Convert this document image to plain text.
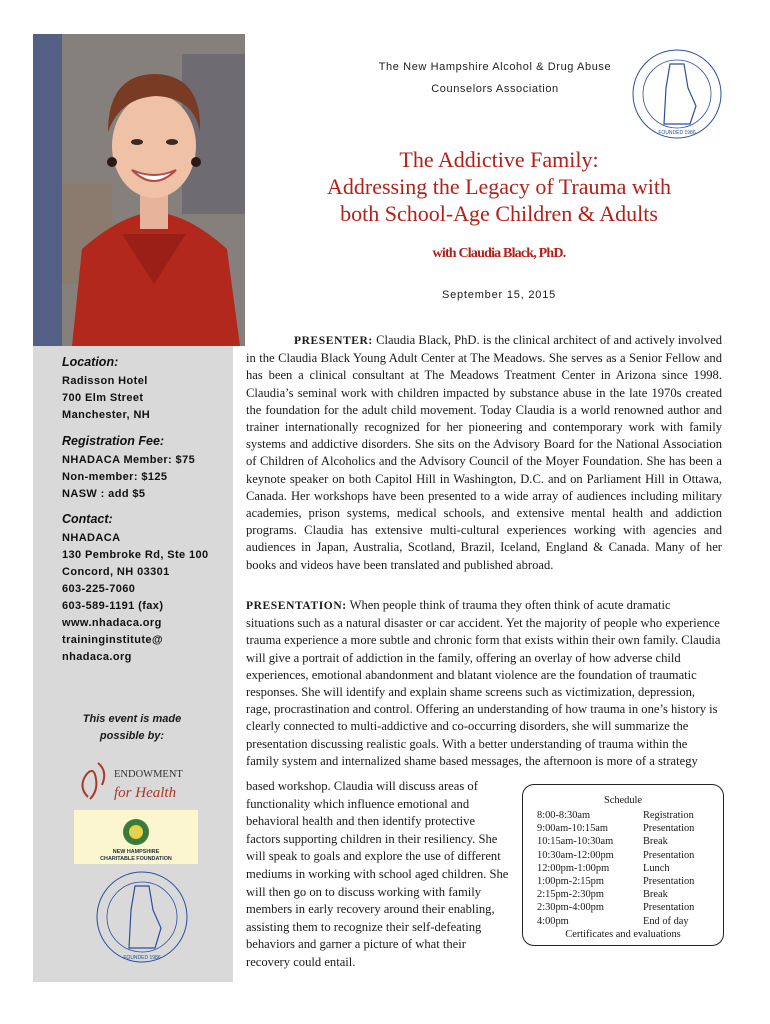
The New Hampshire Alcohol & Drug Abuse
Counselors Association
FOUNDED 1986
The Addictive Family:
Addressing the Legacy of Trauma with
both School-Age Children & Adults
with Claudia Black, PhD.
September 15, 2015
Location:
Radisson Hotel
700 Elm Street
Manchester, NH
Registration Fee:
NHADACA Member: $75
Non-member: $125
NASW : add $5
Contact:
NHADACA
130 Pembroke Rd, Ste 100
Concord, NH 03301
603-225-7060
603-589-1191 (fax)
www.nhadaca.org
traininginstitute@
nhadaca.org
This event is made
possible by:
ENDOWMENT
for Health
NEW HAMPSHIRE
CHARITABLE FOUNDATION
FOUNDED 1986
PRESENTER: Claudia Black, PhD. is the clinical architect of and actively involved in the Claudia Black Young Adult Center at The Meadows. She serves as a Senior Fellow and has been a clinical consultant at The Meadows Treatment Center in Arizona since 1998. Claudia’s seminal work with children impacted by substance abuse in the late 1970s created the foundation for the adult child movement. Today Claudia is a world renowned author and trainer internationally recognized for her pioneering and contemporary work with family systems and addictive disorders. She sits on the Advisory Board for the National Association of Children of Alcoholics and the Advisory Council of the Moyer Foundation. She has been a keynote speaker on both Capitol Hill in Washington, D.C. and on Parliament Hill in Ottawa, Canada. Her workshops have been presented to a wide array of audiences including military academies, prison systems, medical schools, and extensive mental health and addiction programs. Claudia has extensive multi-cultural experiences working with agencies and audiences in Japan, Australia, Scotland, Brazil, Iceland, England & Canada. Many of her books and videos have been translated and published abroad.
PRESENTATION: When people think of trauma they often think of acute dramatic situations such as a natural disaster or car accident. Yet the majority of people who experience trauma experience a more subtle and chronic form that exists within their own family. Claudia will give a portrait of addiction in the family, offering an overlay of how adverse child experiences, emotional abandonment and blatant violence are the foundation of traumatic responses. She will identify and explain shame screens such as victimization, depression, rage, procrastination and control. Offering an understanding of how trauma in one’s history is clearly connected to multi-addictive and co-occurring disorders, she will summarize the presentation discussing realistic goals. With a better understanding of trauma within the family system and internalized shame based messages, the afternoon is more of a strategy
based workshop. Claudia will discuss areas of functionality which influence emotional and behavioral health and then identify protective factors supporting children in their resiliency. She will speak to goals and explore the use of different mediums in working with school aged children. She will then go on to discuss working with family members in early recovery around their enabling, assisting them to recognize their self-defeating behaviors and garner a picture of what their recovery could entail.
Schedule
8:00-8:30am	Registration
9:00am-10:15am	Presentation
10:15am-10:30am	Break
10:30am-12:00pm	Presentation
12:00pm-1:00pm	Lunch
1:00pm-2:15pm	Presentation
2:15pm-2:30pm	Break
2:30pm-4:00pm	Presentation
4:00pm	End of day
Certificates and evaluations
